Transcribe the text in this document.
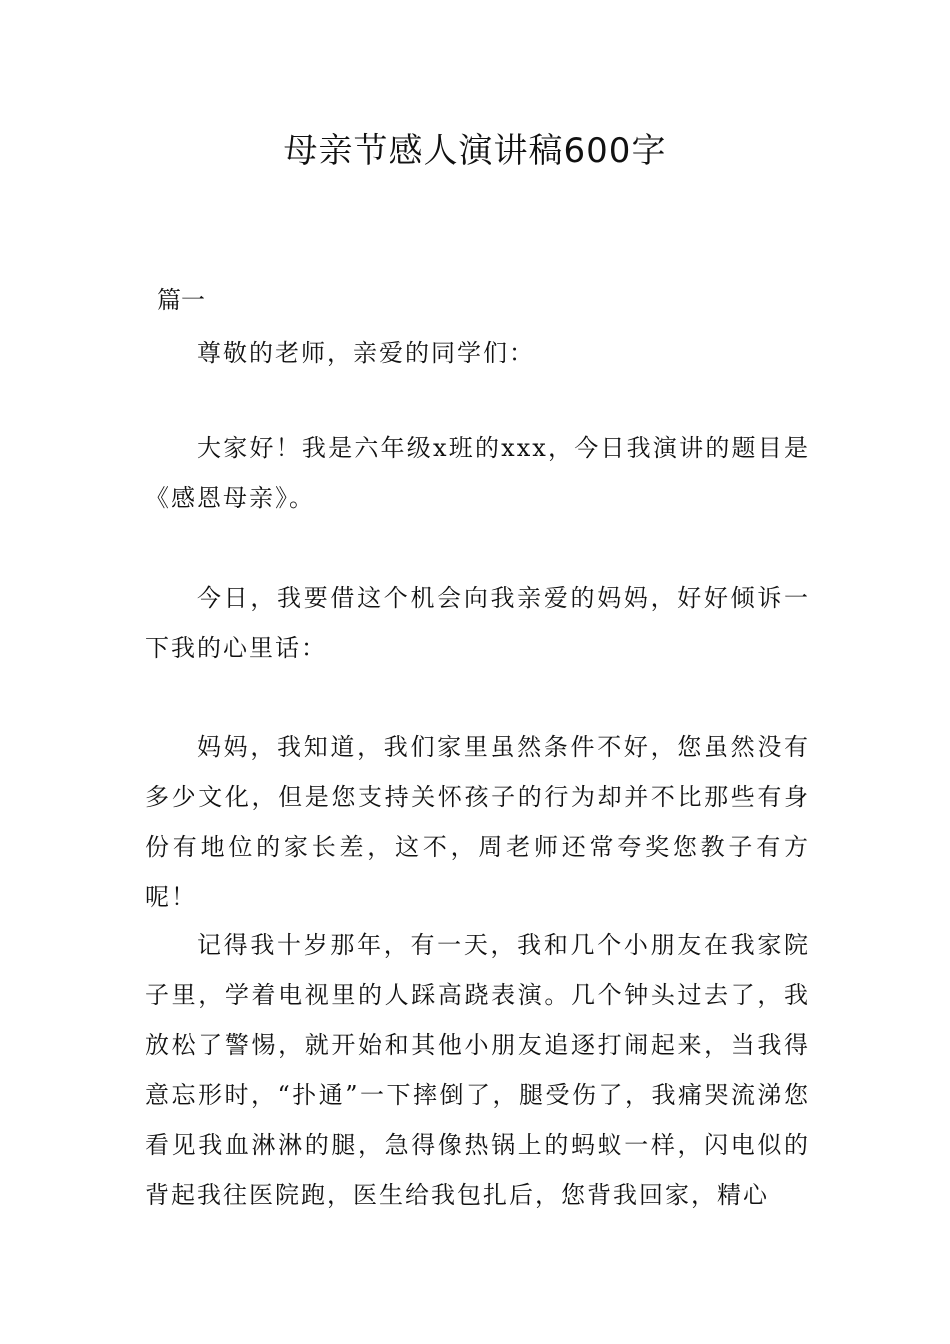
母亲节感人演讲稿600字

篇一

尊敬的老师，亲爱的同学们：

大家好！我是六年级x班的xxx，今日我演讲的题目是《感恩母亲》。

今日，我要借这个机会向我亲爱的妈妈，好好倾诉一下我的心里话：

妈妈，我知道，我们家里虽然条件不好，您虽然没有多少文化，但是您支持关怀孩子的行为却并不比那些有身份有地位的家长差，这不，周老师还常夸奖您教子有方呢！

记得我十岁那年，有一天，我和几个小朋友在我家院子里，学着电视里的人踩高跷表演。几个钟头过去了，我放松了警惕，就开始和其他小朋友追逐打闹起来，当我得意忘形时，“扑通”一下摔倒了，腿受伤了，我痛哭流涕您看见我血淋淋的腿，急得像热锅上的蚂蚁一样，闪电似的背起我往医院跑，医生给我包扎后，您背我回家，精心
